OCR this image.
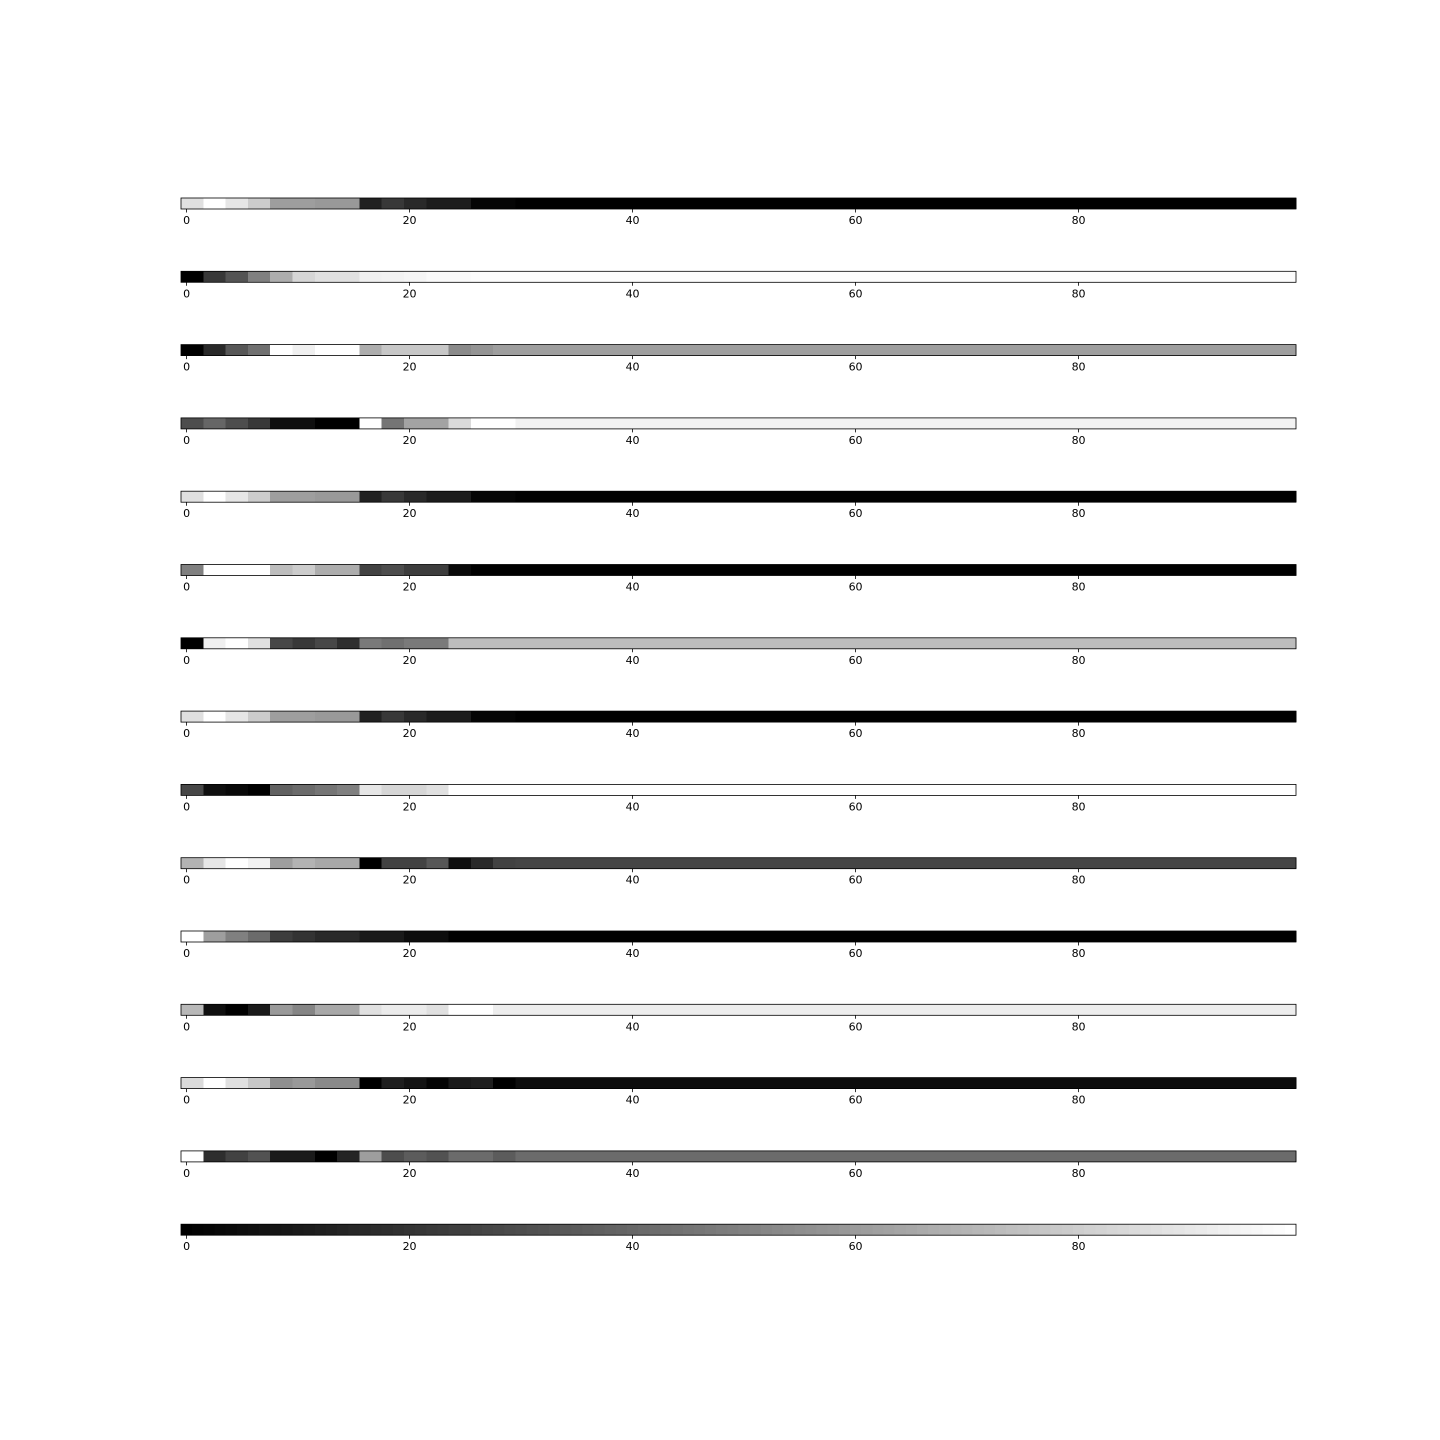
0	20	40	60	80
0	20	40	60	80
0	20	40	60	80
0	20	40	60	80
0	20	40	60	80
0	20	40	60	80
0	20	40	60	80
0	20	40	60	80
0	20	40	60	80
0	20	40	60	80
0	20	40	60	80
0	20	40	60	80
0	20	40	60	80
0	20	40	60	80
0	20	40	60	80
